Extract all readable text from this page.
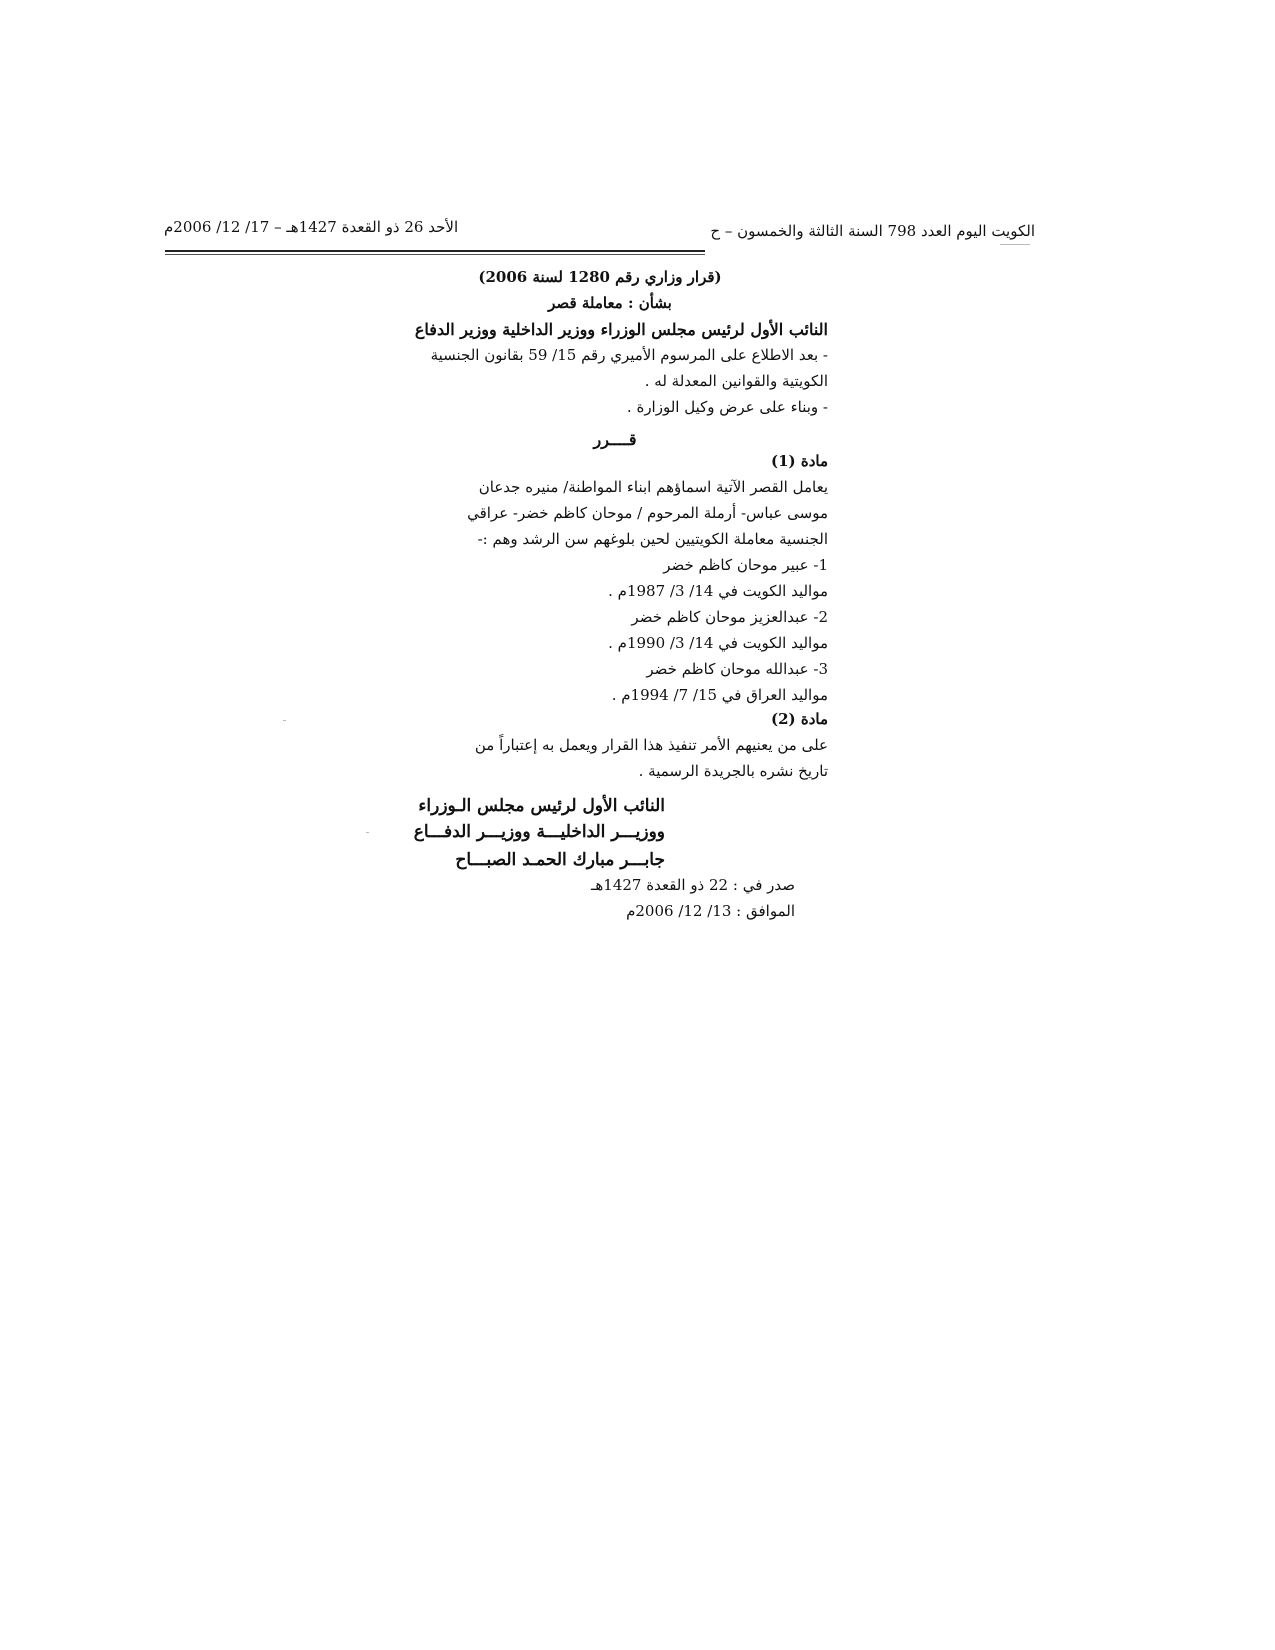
الكويت اليوم العدد 798 السنة الثالثة والخمسون – ح
الأحد 26 ذو القعدة 1427هـ – 17/ 12/ 2006م
(قرار وزاري رقم 1280 لسنة 2006)
بشأن : معاملة قصر
النائب الأول لرئيس مجلس الوزراء ووزير الداخلية ووزير الدفاع
- بعد الاطلاع على المرسوم الأميري رقم 15/ 59 بقانون الجنسية
الكويتية والقوانين المعدلة له .
- وبناء على عرض وكيل الوزارة .
قــــرر
مادة (1)
يعامل القصر الآتية اسماؤهم ابناء المواطنة/ منيره جدعان
موسى عباس- أرملة المرحوم / موحان كاظم خضر- عراقي
الجنسية معاملة الكويتيين لحين بلوغهم سن الرشد وهم :-
1- عبير موحان كاظم خضر
مواليد الكويت في 14/ 3/ 1987م .
2- عبدالعزيز موحان كاظم خضر
مواليد الكويت في 14/ 3/ 1990م .
3- عبدالله موحان كاظم خضر
مواليد العراق في 15/ 7/ 1994م .
مادة (2)
على من يعنيهم الأمر تنفيذ هذا القرار ويعمل به إعتباراً من
تاريخ نشره بالجريدة الرسمية .
النائب الأول لرئيس مجلس الـوزراء
ووزيـــر الداخليـــة ووزيـــر الدفـــاع
جابـــر مبارك الحمـد الصبـــاح
صدر في : 22 ذو القعدة 1427هـ
الموافق : 13/ 12/ 2006م
